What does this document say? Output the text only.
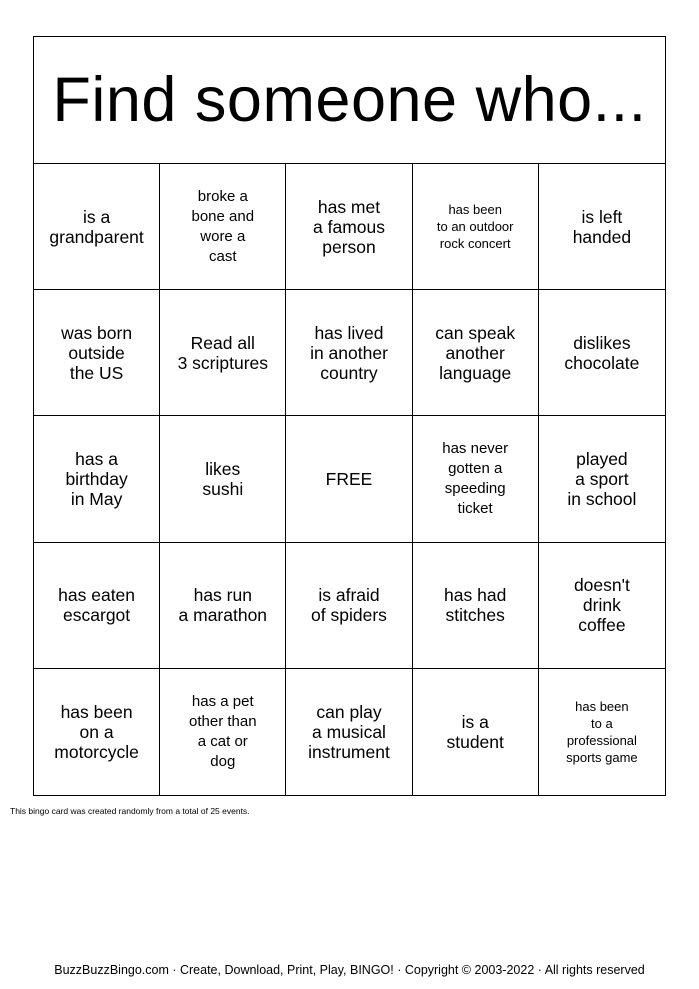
Find someone who...
is a
grandparent
broke a
bone and
wore a
cast
has met
a famous
person
has been
to an outdoor
rock concert
is left
handed
was born
outside
the US
Read all
3 scriptures
has lived
in another
country
can speak
another
language
dislikes
chocolate
has a
birthday
in May
likes
sushi	FREE
has never
gotten a
speeding
ticket
played
a sport
in school
has eaten
escargot
has run
a marathon
is afraid
of spiders
has had
stitches
doesn't
drink
coffee
has been
on a
motorcycle
has a pet
other than
a cat or
dog
can play
a musical
instrument
is a
student
has been
to a
professional
sports game
This bingo card was created randomly from a total of 25 events.
BuzzBuzzBingo.com · Create, Download, Print, Play, BINGO! · Copyright © 2003-2022 · All rights reserved
